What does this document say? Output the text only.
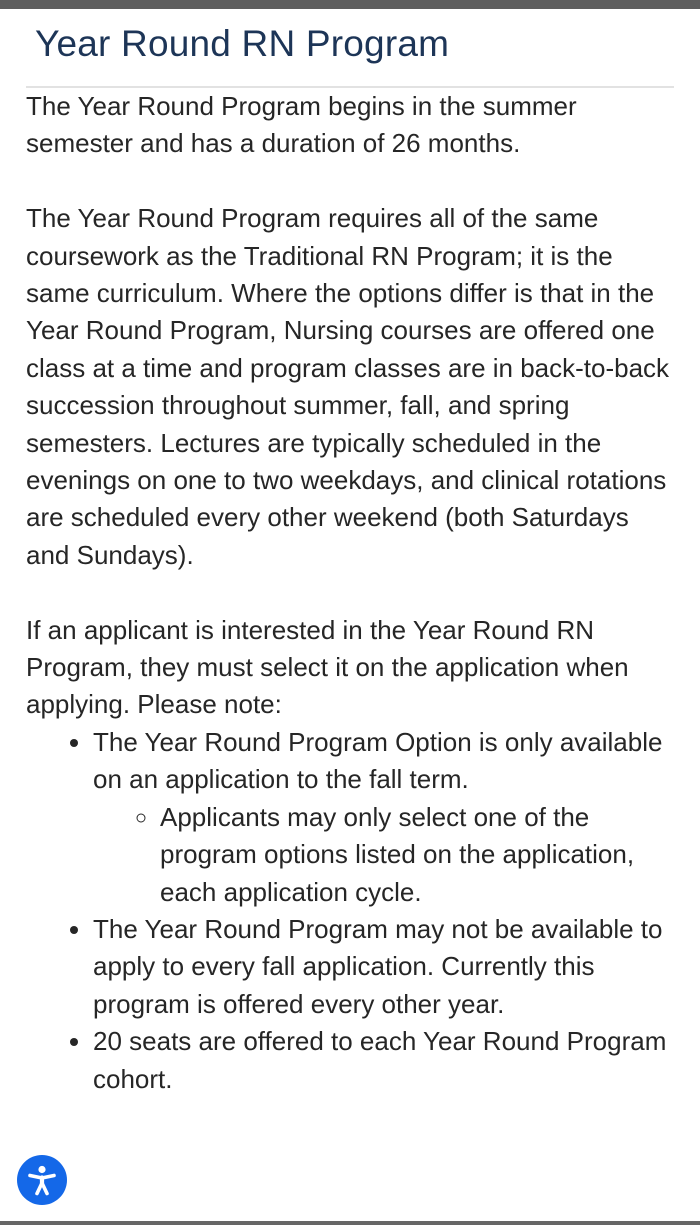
Year Round RN Program

The Year Round Program begins in the summer semester and has a duration of 26 months.

The Year Round Program requires all of the same coursework as the Traditional RN Program; it is the same curriculum. Where the options differ is that in the Year Round Program, Nursing courses are offered one class at a time and program classes are in back-to-back succession throughout summer, fall, and spring semesters. Lectures are typically scheduled in the evenings on one to two weekdays, and clinical rotations are scheduled every other weekend (both Saturdays and Sundays).

If an applicant is interested in the Year Round RN Program, they must select it on the application when applying. Please note:

• The Year Round Program Option is only available on an application to the fall term.
◦ Applicants may only select one of the program options listed on the application, each application cycle.
• The Year Round Program may not be available to apply to every fall application. Currently this program is offered every other year.
• 20 seats are offered to each Year Round Program cohort.
